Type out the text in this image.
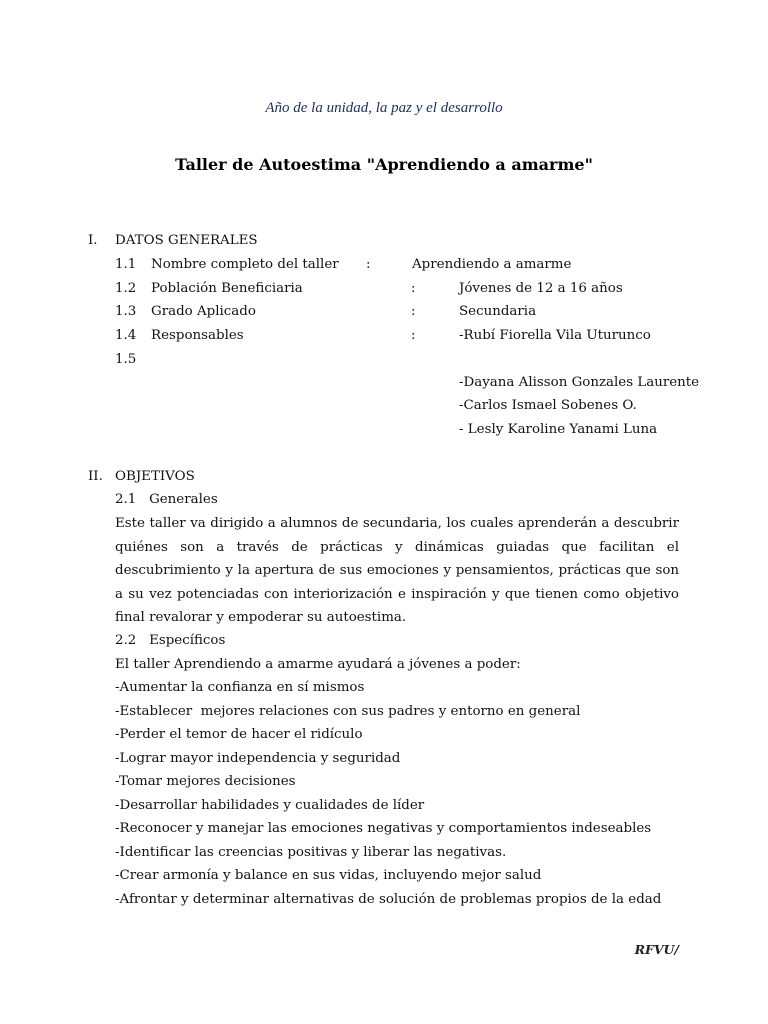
Año de la unidad, la paz y el desarrollo
Taller de Autoestima "Aprendiendo a amarme"
I. DATOS GENERALES
1.1 Nombre completo del taller :	Aprendiendo a amarme
1.2 Población Beneficiaria	:	Jóvenes de 12 a 16 años
1.3 Grado Aplicado	:	Secundaria
1.4 Responsables	:	-Rubí Fiorella Vila Uturunco
1.5
-Dayana Alisson Gonzales Laurente
-Carlos Ismael Sobenes O.
- Lesly Karoline Yanami Luna
II. OBJETIVOS
2.1   Generales
Este taller va dirigido a alumnos de secundaria, los cuales aprenderán a descubrir quiénes son a través de prácticas y dinámicas guiadas que facilitan el descubrimiento y la apertura de sus emociones y pensamientos, prácticas que son a su vez potenciadas con interiorización e inspiración y que tienen como objetivo final revalorar y empoderar su autoestima.
2.2   Específicos
El taller Aprendiendo a amarme ayudará a jóvenes a poder:
-Aumentar la confianza en sí mismos
-Establecer  mejores relaciones con sus padres y entorno en general
-Perder el temor de hacer el ridículo
-Lograr mayor independencia y seguridad
-Tomar mejores decisiones
-Desarrollar habilidades y cualidades de líder
-Reconocer y manejar las emociones negativas y comportamientos indeseables
-Identificar las creencias positivas y liberar las negativas.
-Crear armonía y balance en sus vidas, incluyendo mejor salud
-Afrontar y determinar alternativas de solución de problemas propios de la edad
RFVU/
